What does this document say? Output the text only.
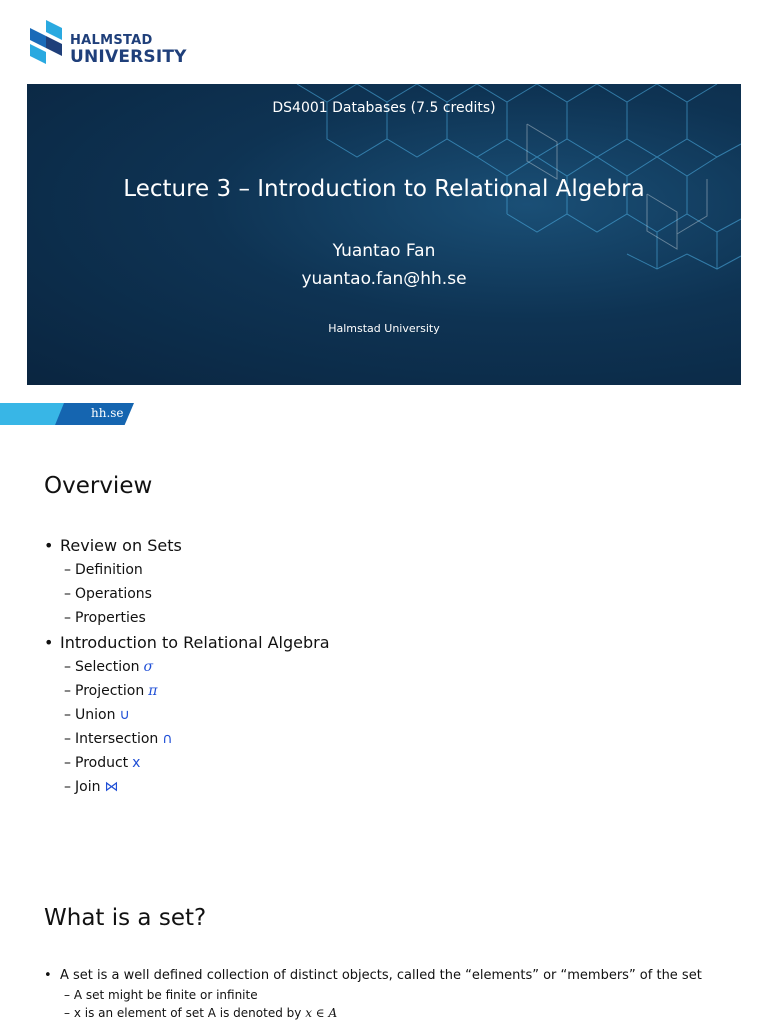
HALMSTAD
UNIVERSITY
DS4001 Databases (7.5 credits)
Lecture 3 – Introduction to Relational Algebra
Yuantao Fan
yuantao.fan@hh.se
Halmstad University
hh.se
Overview
• Review on Sets
– Definition
– Operations
– Properties
• Introduction to Relational Algebra
– Selection σ
– Projection π
– Union ∪
– Intersection ∩
– Product x
– Join ⋈
What is a set?
• A set is a well defined collection of distinct objects, called the “elements” or “members” of the set
– A set might be finite or infinite
– x is an element of set A is denoted by x ∈ A
